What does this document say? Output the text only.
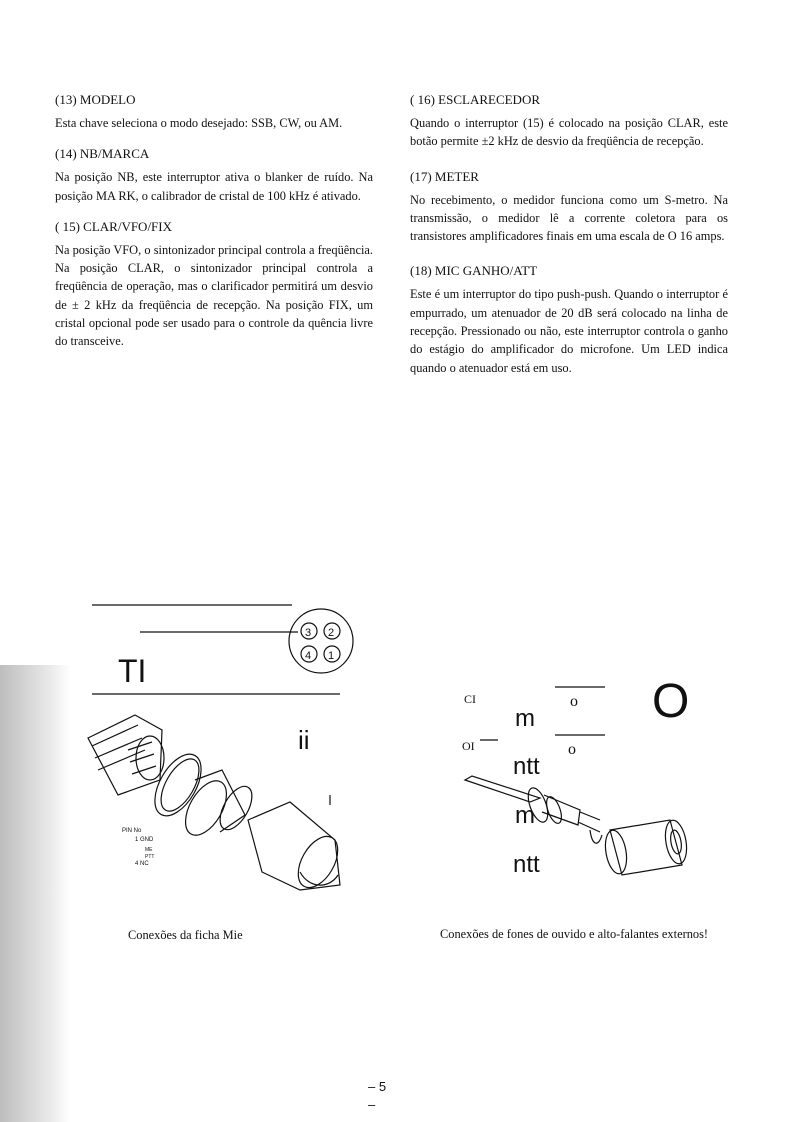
(13) MODELO

Esta chave seleciona o modo desejado: SSB, CW, ou AM.

(14) NB/MARCA

Na posição NB, este interruptor ativa o blanker de ruído. Na posição MA RK, o calibrador de cristal de 100 kHz é ativado.

( 15) CLAR/VFO/FIX

Na posição VFO, o sintonizador principal controla a freqüência. Na posição CLAR, o sintonizador principal controla a freqüência de operação, mas o clarificador permitirá um desvio de ± 2 kHz da freqüência de recepção. Na posição FIX, um cristal opcional pode ser usado para o controle da quência livre do transceive.

( 16) ESCLARECEDOR

Quando o interruptor (15) é colocado na posição CLAR, este botão permite ±2 kHz de desvio da freqüência de recepção.

(17) METER

No recebimento, o medidor funciona como um S-metro. Na transmissão, o medidor lê a corrente coletora para os transistores amplificadores finais em uma escala de O 16 amps.

(18) MIC GANHO/ATT

Este é um interruptor do tipo push-push. Quando o interruptor é empurrado, um atenuador de 20 dB será colocado na linha de recepção. Pressionado ou não, este interruptor controla o ganho do estágio do amplificador do microfone. Um LED indica quando o atenuador está em uso.

3 2
4 1
TI
ii
PIN No
1 GND
ME
PTT
4 NC
Conexões da ficha Mie
CI
OI
o
o
m
ntt
m
ntt
O
Conexões de fones de ouvido e alto-falantes externos!
– 5
–
